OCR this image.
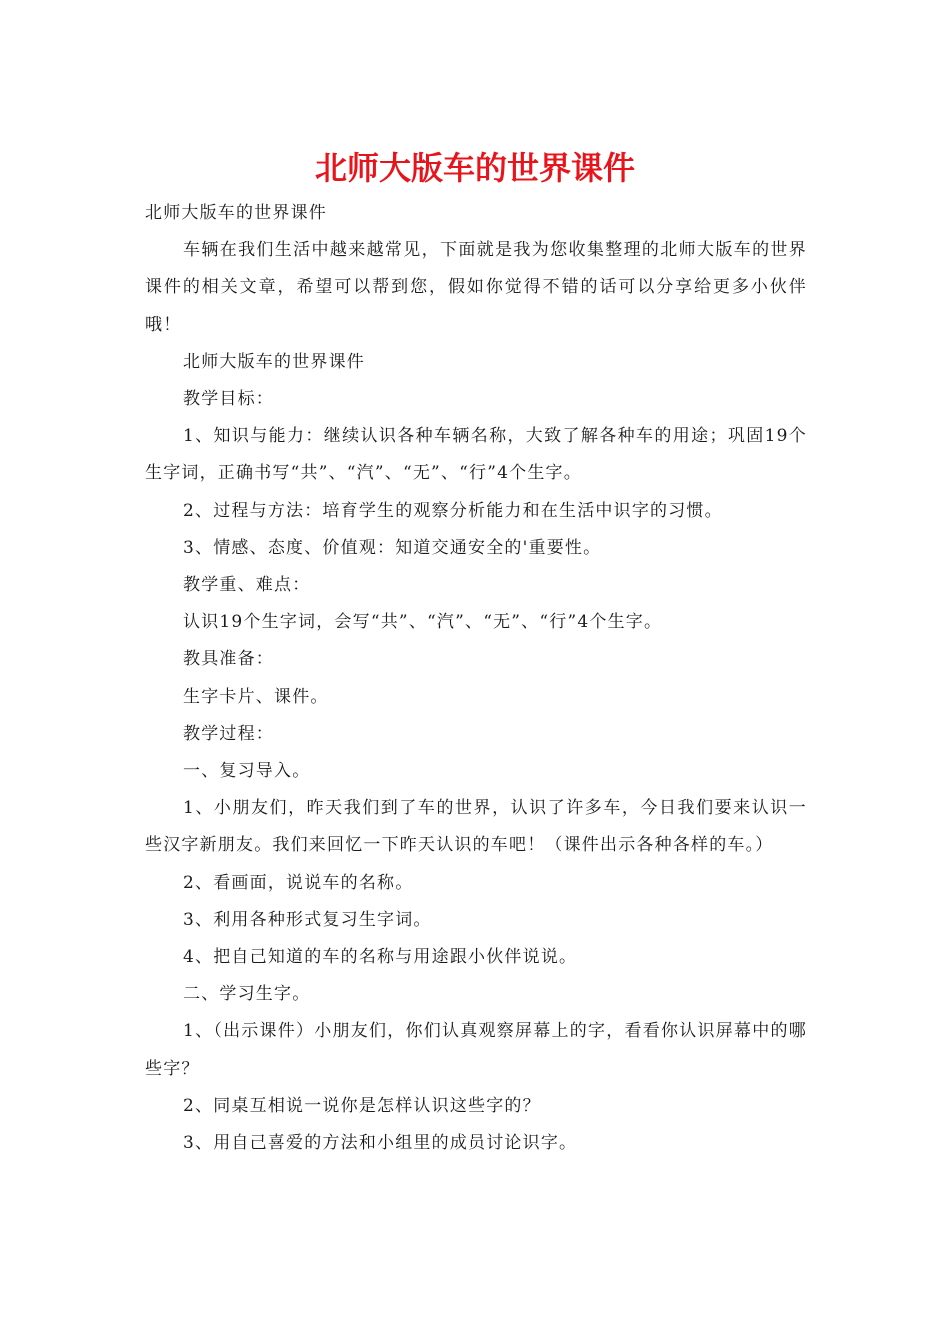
北师大版车的世界课件

北师大版车的世界课件

车辆在我们生活中越来越常见，下面就是我为您收集整理的北师大版车的世界课件的相关文章，希望可以帮到您，假如你觉得不错的话可以分享给更多小伙伴哦！

北师大版车的世界课件

教学目标：

1、知识与能力：继续认识各种车辆名称，大致了解各种车的用途；巩固19个生字词，正确书写“共”、“汽”、“无”、“行”4个生字。

2、过程与方法：培育学生的观察分析能力和在生活中识字的习惯。

3、情感、态度、价值观：知道交通安全的'重要性。

教学重、难点：

认识19个生字词，会写“共”、“汽”、“无”、“行”4个生字。

教具准备：

生字卡片、课件。

教学过程：

一、复习导入。

1、小朋友们，昨天我们到了车的世界，认识了许多车，今日我们要来认识一些汉字新朋友。我们来回忆一下昨天认识的车吧！（课件出示各种各样的车。）

2、看画面，说说车的名称。

3、利用各种形式复习生字词。

4、把自己知道的车的名称与用途跟小伙伴说说。

二、学习生字。

1、（出示课件）小朋友们，你们认真观察屏幕上的字，看看你认识屏幕中的哪些字？

2、同桌互相说一说你是怎样认识这些字的？

3、用自己喜爱的方法和小组里的成员讨论识字。
